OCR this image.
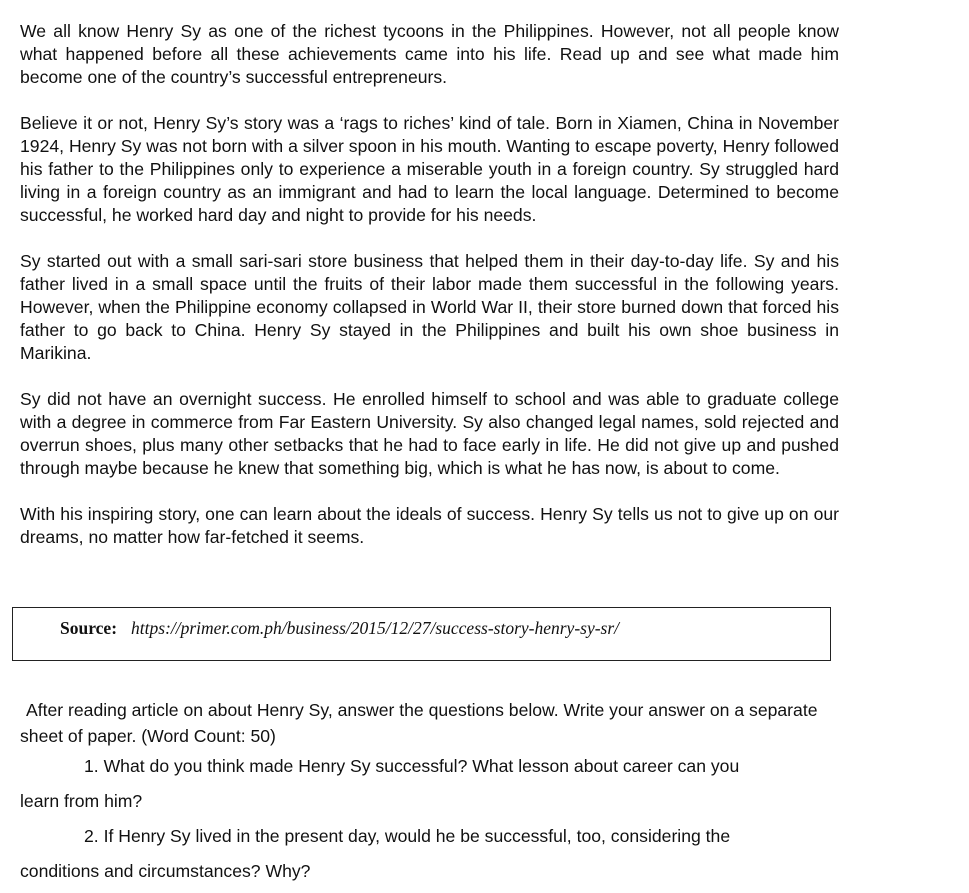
We all know Henry Sy as one of the richest tycoons in the Philippines. However, not all people know what happened before all these achievements came into his life. Read up and see what made him become one of the country’s successful entrepreneurs.

Believe it or not, Henry Sy’s story was a ‘rags to riches’ kind of tale. Born in Xiamen, China in November 1924, Henry Sy was not born with a silver spoon in his mouth. Wanting to escape poverty, Henry followed his father to the Philippines only to experience a miserable youth in a foreign country. Sy struggled hard living in a foreign country as an immigrant and had to learn the local language. Determined to become successful, he worked hard day and night to provide for his needs.

Sy started out with a small sari-sari store business that helped them in their day-to-day life. Sy and his father lived in a small space until the fruits of their labor made them successful in the following years. However, when the Philippine economy collapsed in World War II, their store burned down that forced his father to go back to China. Henry Sy stayed in the Philippines and built his own shoe business in Marikina.

Sy did not have an overnight success. He enrolled himself to school and was able to graduate college with a degree in commerce from Far Eastern University. Sy also changed legal names, sold rejected and overrun shoes, plus many other setbacks that he had to face early in life. He did not give up and pushed through maybe because he knew that something big, which is what he has now, is about to come.

With his inspiring story, one can learn about the ideals of success. Henry Sy tells us not to give up on our dreams, no matter how far-fetched it seems.

Source: https://primer.com.ph/business/2015/12/27/success-story-henry-sy-sr/

After reading article on about Henry Sy, answer the questions below. Write your answer on a separate sheet of paper. (Word Count: 50)

1. What do you think made Henry Sy successful? What lesson about career can you
learn from him?
2. If Henry Sy lived in the present day, would he be successful, too, considering the
conditions and circumstances? Why?
